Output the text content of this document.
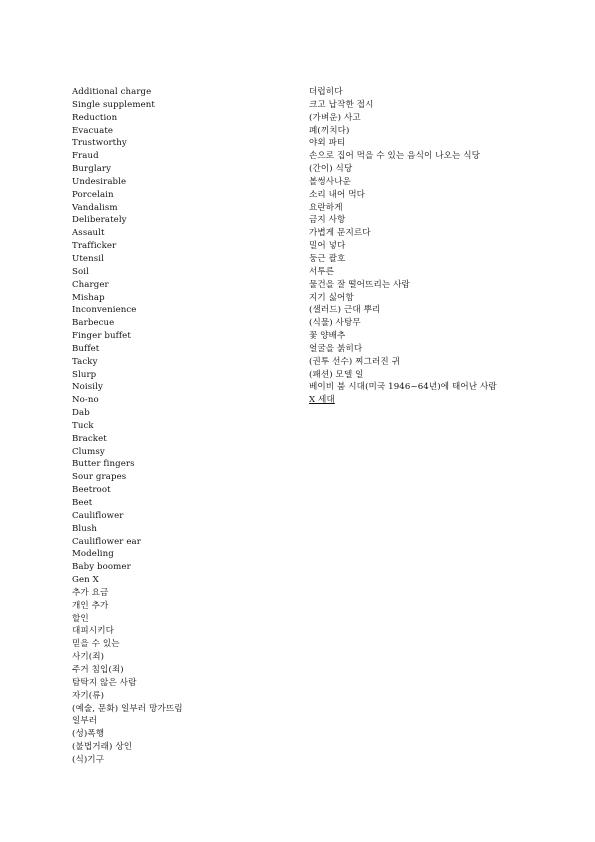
Additional charge
Single supplement
Reduction
Evacuate
Trustworthy
Fraud
Burglary
Undesirable
Porcelain
Vandalism
Deliberately
Assault
Trafficker
Utensil
Soil
Charger
Mishap
Inconvenience
Barbecue
Finger buffet
Buffet
Tacky
Slurp
Noisily
No-no
Dab
Tuck
Bracket
Clumsy
Butter fingers
Sour grapes
Beetroot
Beet
Cauliflower
Blush
Cauliflower ear
Modeling
Baby boomer
Gen X
추가 요금
개인 추가
할인
대피시키다
믿을 수 있는
사기(죄)
주거 침입(죄)
탐탁지 않은 사람
자기(류)
(예술, 문화) 일부러 망가뜨림
일부러
(성)폭행
(불법거래) 상인
(식)기구
더럽히다
크고 납작한 접시
(가벼운) 사고
폐(끼치다)
야외 파티
손으로 집어 먹을 수 있는 음식이 나오는 식당
(간이) 식당
볼썽사나운
소리 내어 먹다
요란하게
금지 사항
가볍게 문지르다
밀어 넣다
둥근 괄호
서투른
물건을 잘 떨어뜨리는 사람
지기 싫어함
(샐러드) 근대 뿌리
(식물) 사탕무
꽃 양배추
얼굴을 붉히다
(권투 선수) 찌그러진 귀
(패션) 모델 일
베이비 붐 시대(미국 1946~64년)에 태어난 사람
X 세대
